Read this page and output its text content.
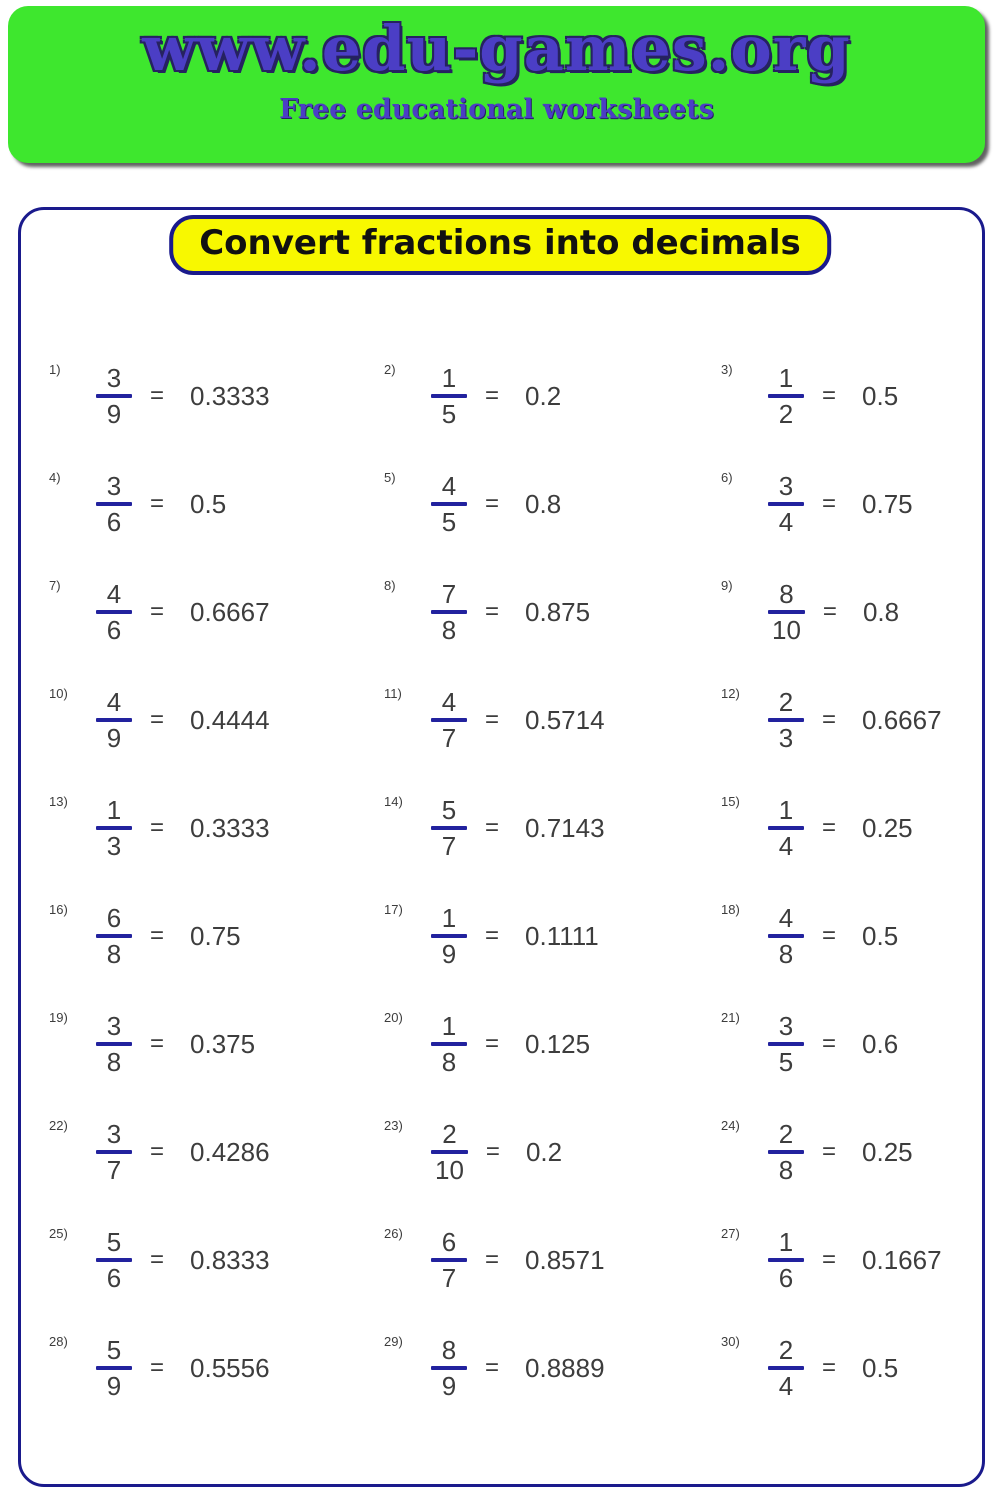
www.edu-games.org
Free educational worksheets
Convert fractions into decimals
1)	$\frac{3}{9} = 0.3333$
2)	$\frac{1}{5} = 0.2$
3)	$\frac{1}{2} = 0.5$
4)	$\frac{3}{6} = 0.5$
5)	$\frac{4}{5} = 0.8$
6)	$\frac{3}{4} = 0.75$
7)	$\frac{4}{6} = 0.6667$
8)	$\frac{7}{8} = 0.875$
9)	$\frac{8}{10} = 0.8$
10)	$\frac{4}{9} = 0.4444$
11)	$\frac{4}{7} = 0.5714$
12)	$\frac{2}{3} = 0.6667$
13)	$\frac{1}{3} = 0.3333$
14)	$\frac{5}{7} = 0.7143$
15)	$\frac{1}{4} = 0.25$
16)	$\frac{6}{8} = 0.75$
17)	$\frac{1}{9} = 0.1111$
18)	$\frac{4}{8} = 0.5$
19)	$\frac{3}{8} = 0.375$
20)	$\frac{1}{8} = 0.125$
21)	$\frac{3}{5} = 0.6$
22)	$\frac{3}{7} = 0.4286$
23)	$\frac{2}{10} = 0.2$
24)	$\frac{2}{8} = 0.25$
25)	$\frac{5}{6} = 0.8333$
26)	$\frac{6}{7} = 0.8571$
27)	$\frac{1}{6} = 0.1667$
28)	$\frac{5}{9} = 0.5556$
29)	$\frac{8}{9} = 0.8889$
30)	$\frac{2}{4} = 0.5$
